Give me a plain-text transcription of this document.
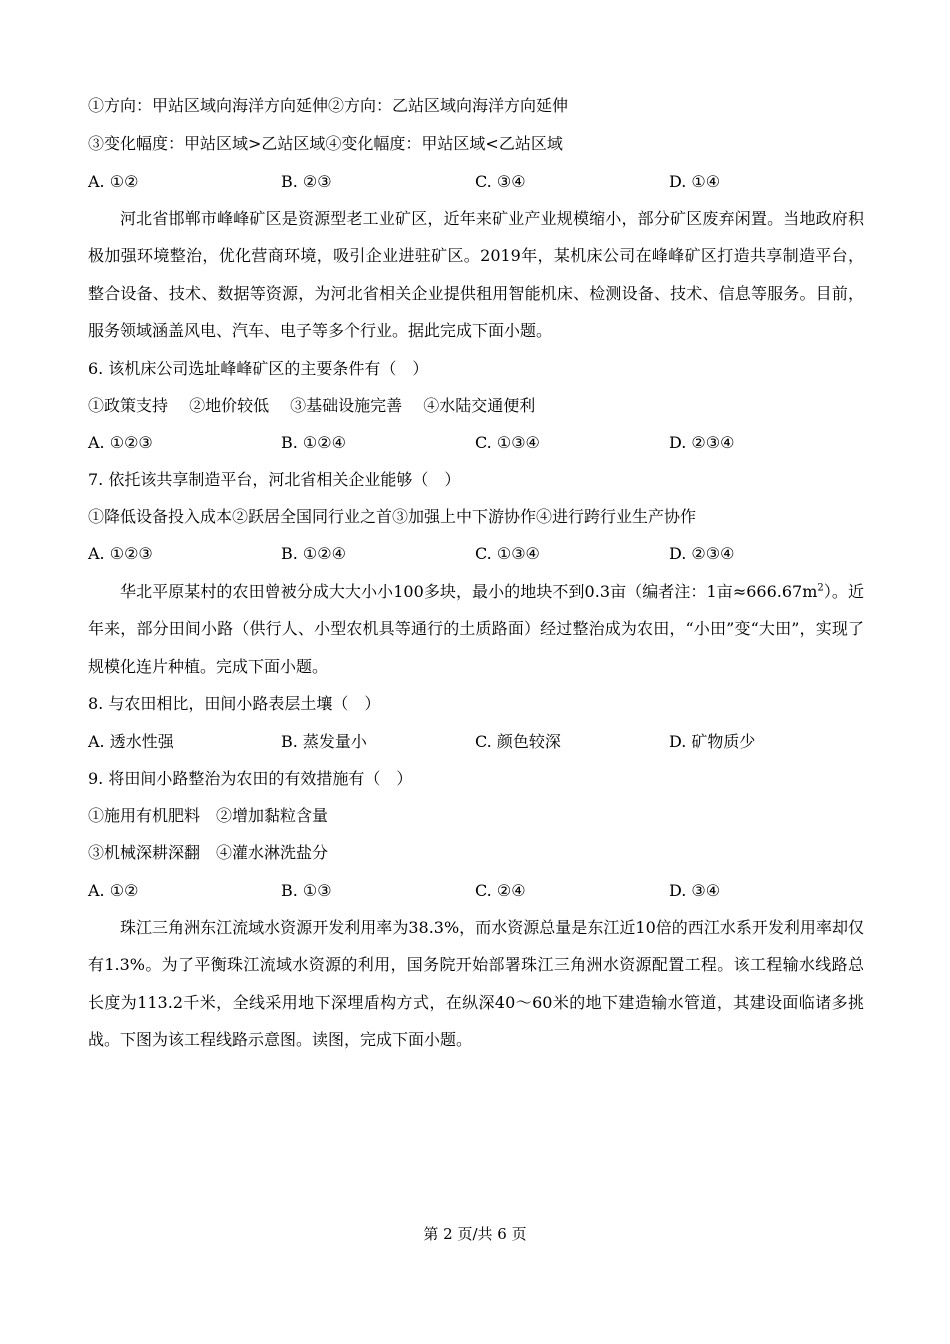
①方向：甲站区域向海洋方向延伸②方向：乙站区域向海洋方向延伸
③变化幅度：甲站区域>乙站区域④变化幅度：甲站区域<乙站区域
A. ①②	B. ②③	C. ③④	D. ①④
河北省邯郸市峰峰矿区是资源型老工业矿区，近年来矿业产业规模缩小，部分矿区废弃闲置。当地政府积极加强环境整治，优化营商环境，吸引企业进驻矿区。2019年，某机床公司在峰峰矿区打造共享制造平台，整合设备、技术、数据等资源，为河北省相关企业提供租用智能机床、检测设备、技术、信息等服务。目前，服务领域涵盖风电、汽车、电子等多个行业。据此完成下面小题。
6. 该机床公司选址峰峰矿区的主要条件有（　）
①政策支持　 ②地价较低　 ③基础设施完善　 ④水陆交通便利
A. ①②③	B. ①②④	C. ①③④	D. ②③④
7. 依托该共享制造平台，河北省相关企业能够（　）
①降低设备投入成本②跃居全国同行业之首③加强上中下游协作④进行跨行业生产协作
A. ①②③	B. ①②④	C. ①③④	D. ②③④
华北平原某村的农田曾被分成大大小小100多块，最小的地块不到0.3亩（编者注：1亩$\approx 666.67m^2$）。近年来，部分田间小路（供行人、小型农机具等通行的土质路面）经过整治成为农田，“小田”变“大田”，实现了规模化连片种植。完成下面小题。
8. 与农田相比，田间小路表层土壤（　）
A. 透水性强	B. 蒸发量小	C. 颜色较深	D. 矿物质少
9. 将田间小路整治为农田的有效措施有（　）
①施用有机肥料　②增加黏粒含量
③机械深耕深翻　④灌水淋洗盐分
A. ①②	B. ①③	C. ②④	D. ③④
珠江三角洲东江流域水资源开发利用率为38.3%，而水资源总量是东江近10倍的西江水系开发利用率却仅有1.3%。为了平衡珠江流域水资源的利用，国务院开始部署珠江三角洲水资源配置工程。该工程输水线路总长度为113.2千米，全线采用地下深埋盾构方式，在纵深40～60米的地下建造输水管道，其建设面临诸多挑战。下图为该工程线路示意图。读图，完成下面小题。
第 2 页/共 6 页
